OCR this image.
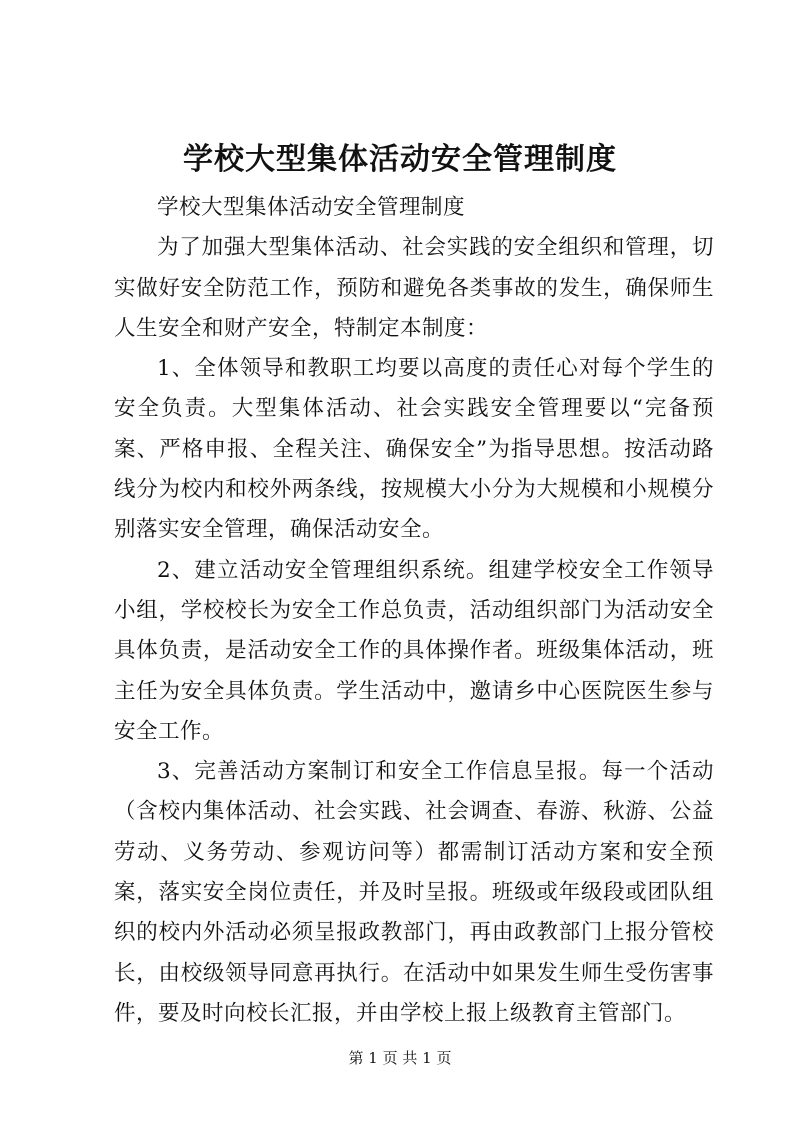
学校大型集体活动安全管理制度

学校大型集体活动安全管理制度

为了加强大型集体活动、社会实践的安全组织和管理，切实做好安全防范工作，预防和避免各类事故的发生，确保师生人生安全和财产安全，特制定本制度：

1、全体领导和教职工均要以高度的责任心对每个学生的安全负责。大型集体活动、社会实践安全管理要以“完备预案、严格申报、全程关注、确保安全”为指导思想。按活动路线分为校内和校外两条线，按规模大小分为大规模和小规模分别落实安全管理，确保活动安全。

2、建立活动安全管理组织系统。组建学校安全工作领导小组，学校校长为安全工作总负责，活动组织部门为活动安全具体负责，是活动安全工作的具体操作者。班级集体活动，班主任为安全具体负责。学生活动中，邀请乡中心医院医生参与安全工作。

3、完善活动方案制订和安全工作信息呈报。每一个活动（含校内集体活动、社会实践、社会调查、春游、秋游、公益劳动、义务劳动、参观访问等）都需制订活动方案和安全预案，落实安全岗位责任，并及时呈报。班级或年级段或团队组织的校内外活动必须呈报政教部门，再由政教部门上报分管校长，由校级领导同意再执行。在活动中如果发生师生受伤害事件，要及时向校长汇报，并由学校上报上级教育主管部门。

第 1 页 共 1 页
